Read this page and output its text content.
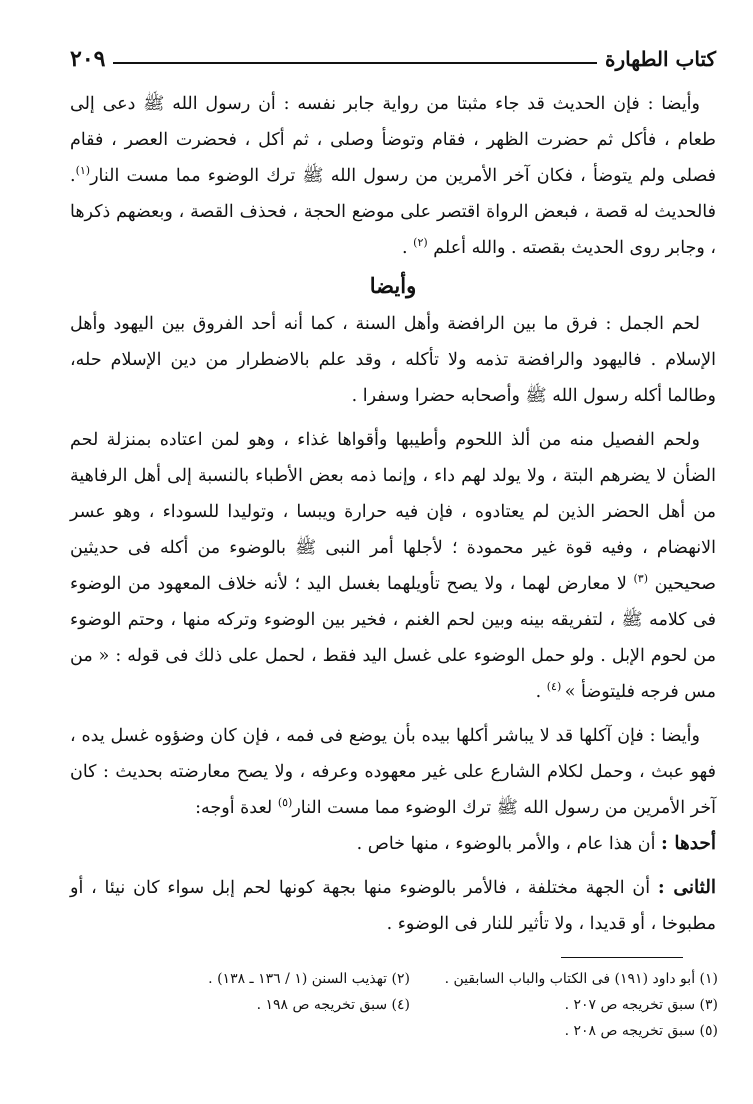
٢٠٩	كتاب الطهارة

وأيضا : فإن الحديث قد جاء مثبتا من رواية جابر نفسه : أن رسول الله ﷺ دعى إلى طعام ، فأكل ثم حضرت الظهر ، فقام وتوضأ وصلى ، ثم أكل ، فحضرت العصر ، فقام فصلى ولم يتوضأ ، فكان آخر الأمرين من رسول الله ﷺ ترك الوضوء مما مست النار$^{(١)}$. فالحديث له قصة ، فبعض الرواة اقتصر على موضع الحجة ، فحذف القصة ، وبعضهم ذكرها ، وجابر روى الحديث بقصته . والله أعلم $^{(٢)}$ .

وأيضا

لحم الجمل : فرق ما بين الرافضة وأهل السنة ، كما أنه أحد الفروق بين اليهود وأهل الإسلام . فاليهود والرافضة تذمه ولا تأكله ، وقد علم بالاضطرار من دين الإسلام حله، وطالما أكله رسول الله ﷺ وأصحابه حضرا وسفرا .

ولحم الفصيل منه من ألذ اللحوم وأطيبها وأقواها غذاء ، وهو لمن اعتاده بمنزلة لحم الضأن لا يضرهم البتة ، ولا يولد لهم داء ، وإنما ذمه بعض الأطباء بالنسبة إلى أهل الرفاهية من أهل الحضر الذين لم يعتادوه ، فإن فيه حرارة ويبسا ، وتوليدا للسوداء ، وهو عسر الانهضام ، وفيه قوة غير محمودة ؛ لأجلها أمر النبى ﷺ بالوضوء من أكله فى حديثين صحيحين $^{(٣)}$ لا معارض لهما ، ولا يصح تأويلهما بغسل اليد ؛ لأنه خلاف المعهود من الوضوء فى كلامه ﷺ ، لتفريقه بينه وبين لحم الغنم ، فخير بين الوضوء وتركه منها ، وحتم الوضوء من لحوم الإبل . ولو حمل الوضوء على غسل اليد فقط ، لحمل على ذلك فى قوله : « من مس فرجه فليتوضأ » $^{(٤)}$ .

وأيضا : فإن آكلها قد لا يباشر أكلها بيده بأن يوضع فى فمه ، فإن كان وضؤوه غسل يده ، فهو عبث ، وحمل لكلام الشارع على غير معهوده وعرفه ، ولا يصح معارضته بحديث : كان آخر الأمرين من رسول الله ﷺ ترك الوضوء مما مست النار$^{(٥)}$ لعدة أوجه:

أحدها : أن هذا عام ، والأمر بالوضوء ، منها خاص .

الثانى : أن الجهة مختلفة ، فالأمر بالوضوء منها بجهة كونها لحم إبل سواء كان نيئا ، أو مطبوخا ، أو قديدا ، ولا تأثير للنار فى الوضوء .

(١) أبو داود (١٩١) فى الكتاب والباب السابقين .
(٢) تهذيب السنن (١ / ١٣٦ ـ ١٣٨) .
(٣) سبق تخريجه ص ٢٠٧ .
(٤) سبق تخريجه ص ١٩٨ .
(٥) سبق تخريجه ص ٢٠٨ .
